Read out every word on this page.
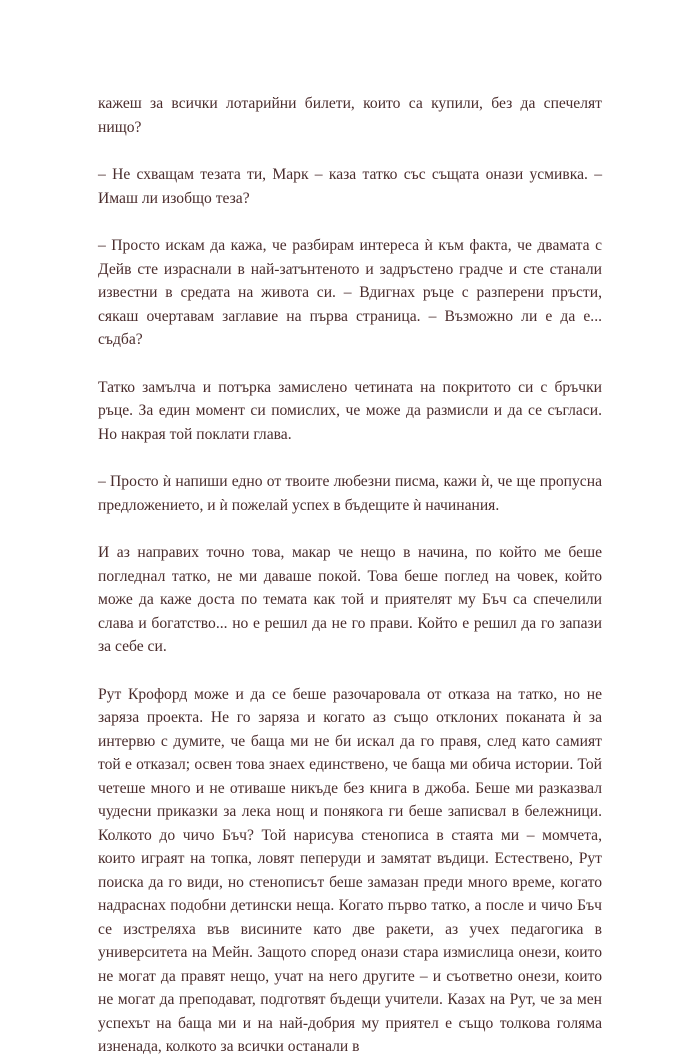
кажеш за всички лотарийни билети, които са купили, без да спечелят нищо?

– Не схващам тезата ти, Марк – каза татко със същата онази усмивка. – Имаш ли изобщо теза?

– Просто искам да кажа, че разбирам интереса ѝ към факта, че двамата с Дейв сте израснали в най-затънтеното и задръстено градче и сте станали известни в средата на живота си. – Вдигнах ръце с разперени пръсти, сякаш очертавам заглавие на първа страница. – Възможно ли е да е... съдба?

Татко замълча и потърка замислено четината на покритото си с бръчки ръце. За един момент си помислих, че може да размисли и да се съгласи. Но накрая той поклати глава.

– Просто ѝ напиши едно от твоите любезни писма, кажи ѝ, че ще пропусна предложението, и ѝ пожелай успех в бъдещите ѝ начинания.

И аз направих точно това, макар че нещо в начина, по който ме беше погледнал татко, не ми даваше покой. Това беше поглед на човек, който може да каже доста по темата как той и приятелят му Бъч са спечелили слава и богатство... но е решил да не го прави. Който е решил да го запази за себе си.

Рут Крофорд може и да се беше разочаровала от отказа на татко, но не заряза проекта. Не го заряза и когато аз също отклоних поканата ѝ за интервю с думите, че баща ми не би искал да го правя, след като самият той е отказал; освен това знаех единствено, че баща ми обича истории. Той четеше много и не отиваше никъде без книга в джоба. Беше ми разказвал чудесни приказки за лека нощ и понякога ги беше записвал в бележници. Колкото до чичо Бъч? Той нарисува стенописа в стаята ми – момчета, които играят на топка, ловят пеперуди и замятат въдици. Естествено, Рут поиска да го види, но стенописът беше замазан преди много време, когато надраснах подобни детински неща. Когато първо татко, а после и чичо Бъч се изстреляха във висините като две ракети, аз учех педагогика в университета на Мейн. Защото според онази стара измислица онези, които не могат да правят нещо, учат на него другите – и съответно онези, които не могат да преподават, подготвят бъдещи учители. Казах на Рут, че за мен успехът на баща ми и на най-добрия му приятел е също толкова голяма изненада, колкото за всички останали в
